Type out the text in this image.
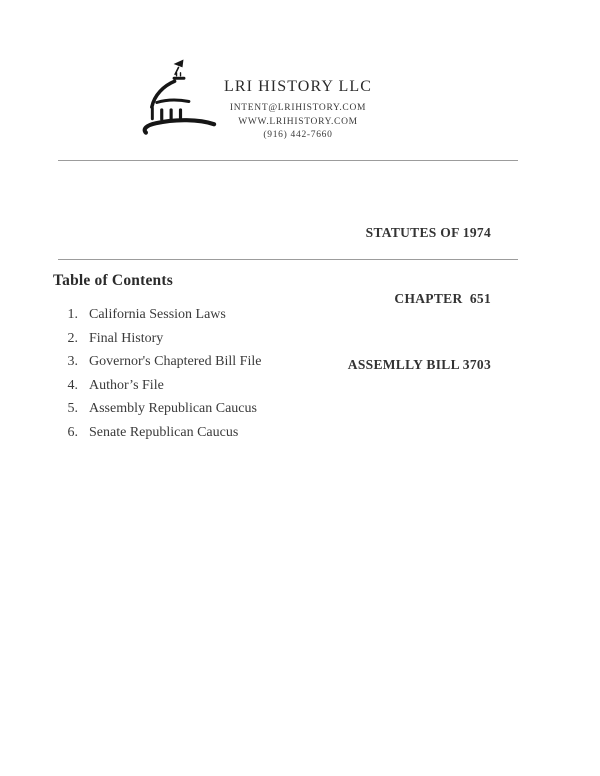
LRI HISTORY LLC
INTENT@LRIHISTORY.COM
WWW.LRIHISTORY.COM
(916) 442-7660

STATUTES OF 1974

CHAPTER  651

ASSEMLLY BILL 3703

Table of Contents
1. California Session Laws
2. Final History
3. Governor's Chaptered Bill File
4. Author’s File
5. Assembly Republican Caucus
6. Senate Republican Caucus
